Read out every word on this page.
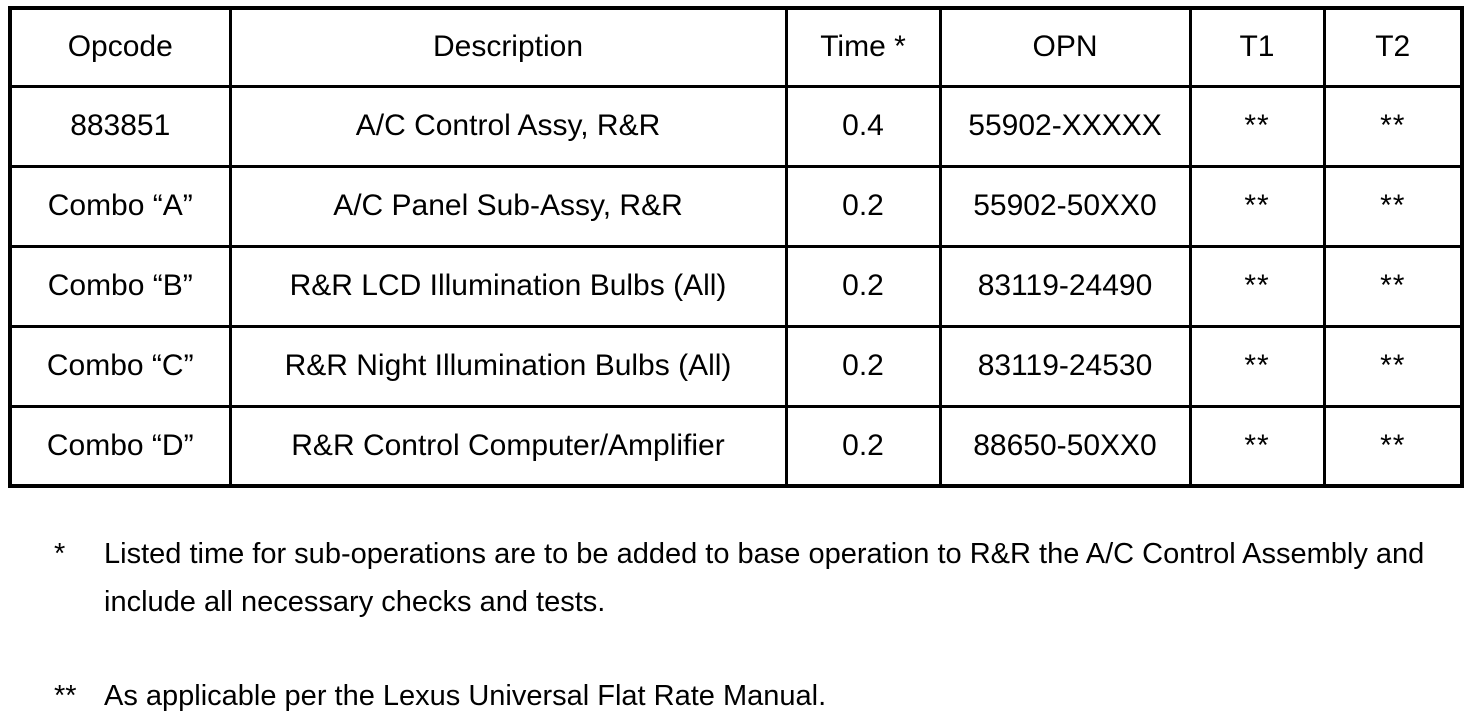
Opcode	Description	Time *	OPN	T1	T2
883851	A/C Control Assy, R&R	0.4	55902-XXXXX	**	**
Combo “A”	A/C Panel Sub-Assy, R&R	0.2	55902-50XX0	**	**
Combo “B”	R&R LCD Illumination Bulbs (All)	0.2	83119-24490	**	**
Combo “C”	R&R Night Illumination Bulbs (All)	0.2	83119-24530	**	**
Combo “D”	R&R Control Computer/Amplifier	0.2	88650-50XX0	**	**
* Listed time for sub-operations are to be added to base operation to R&R the A/C Control Assembly and include all necessary checks and tests.
** As applicable per the Lexus Universal Flat Rate Manual.
